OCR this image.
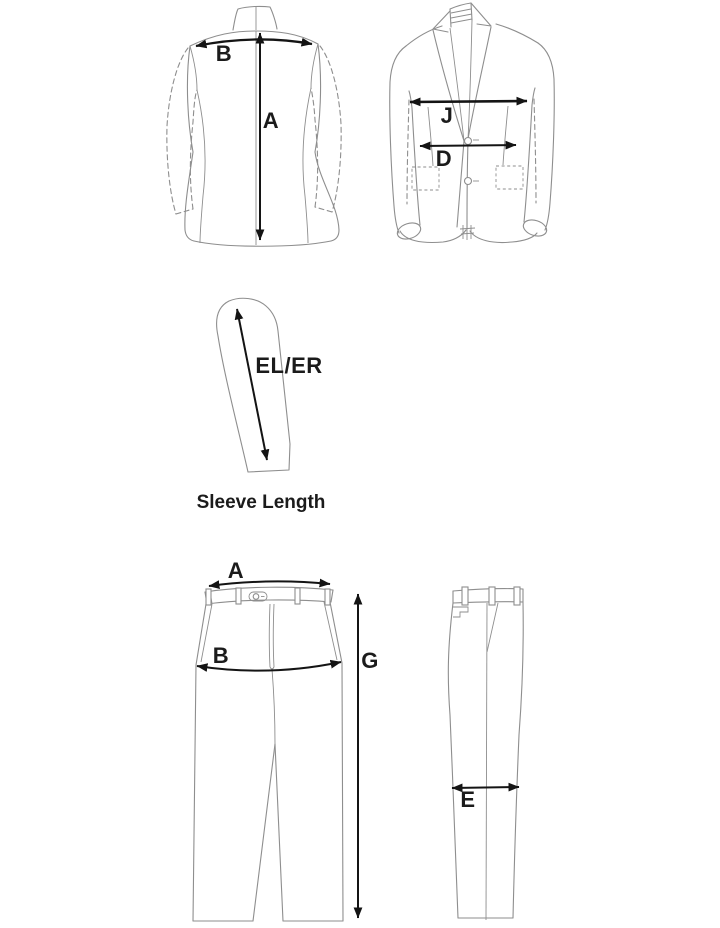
B
A	J
D
EL/ER
Sleeve Length
A
B	G
E
